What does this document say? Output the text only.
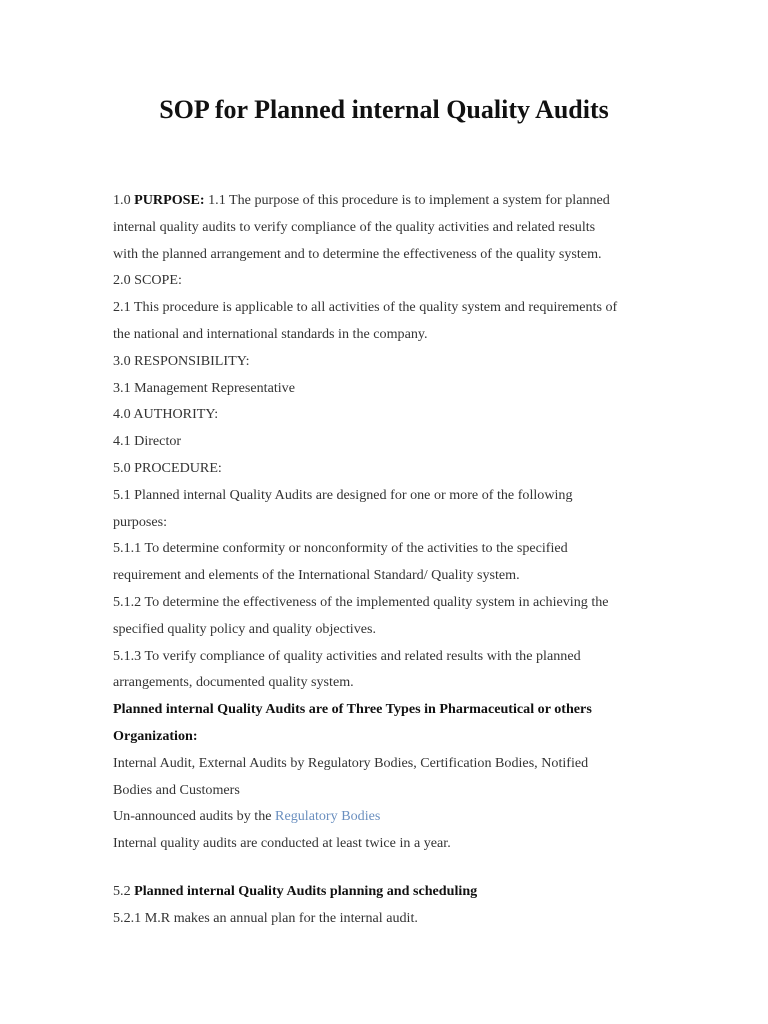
SOP for Planned internal Quality Audits
1.0 PURPOSE: 1.1 The purpose of this procedure is to implement a system for planned
internal quality audits to verify compliance of the quality activities and related results
with the planned arrangement and to determine the effectiveness of the quality system.
2.0 SCOPE:
2.1 This procedure is applicable to all activities of the quality system and requirements of
the national and international standards in the company.
3.0 RESPONSIBILITY:
3.1 Management Representative
4.0 AUTHORITY:
4.1 Director
5.0 PROCEDURE:
5.1 Planned internal Quality Audits are designed for one or more of the following
purposes:
5.1.1 To determine conformity or nonconformity of the activities to the specified
requirement and elements of the International Standard/ Quality system.
5.1.2 To determine the effectiveness of the implemented quality system in achieving the
specified quality policy and quality objectives.
5.1.3 To verify compliance of quality activities and related results with the planned
arrangements, documented quality system.
Planned internal Quality Audits are of Three Types in Pharmaceutical or others
Organization:
Internal Audit, External Audits by Regulatory Bodies, Certification Bodies, Notified
Bodies and Customers
Un-announced audits by the Regulatory Bodies
Internal quality audits are conducted at least twice in a year.
5.2 Planned internal Quality Audits planning and scheduling
5.2.1 M.R makes an annual plan for the internal audit.
